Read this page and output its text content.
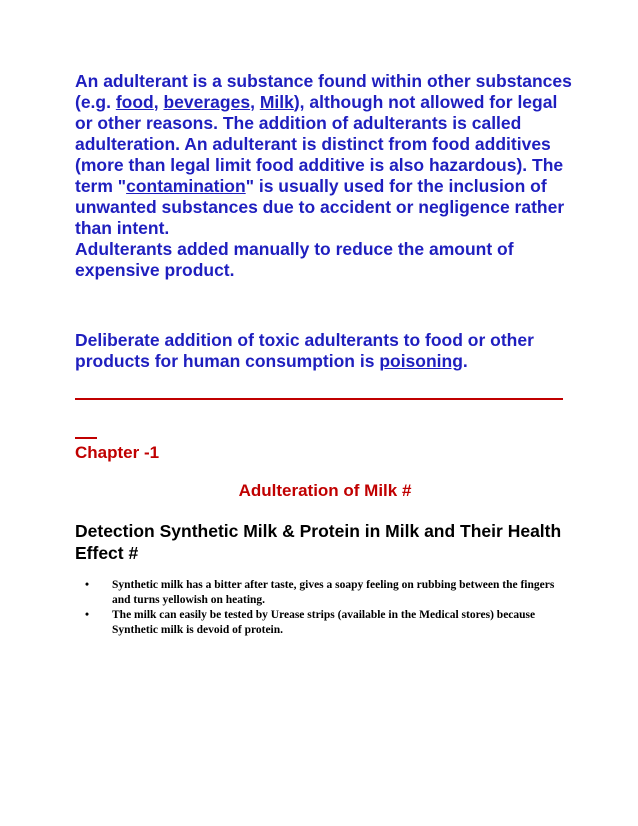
An adulterant is a substance found within other substances (e.g. food, beverages, Milk), although not allowed for legal or other reasons. The addition of adulterants is called adulteration. An adulterant is distinct from food additives (more than legal limit food additive is also hazardous). The term "contamination" is usually used for the inclusion of unwanted substances due to accident or negligence rather than intent.

Adulterants added manually to reduce the amount of expensive product.

Deliberate addition of toxic adulterants to food or other products for human consumption is poisoning.

Chapter -1
Adulteration of Milk #
Detection Synthetic Milk & Protein in Milk and Their Health Effect #
• Synthetic milk has a bitter after taste, gives a soapy feeling on rubbing between the fingers and turns yellowish on heating.
• The milk can easily be tested by Urease strips (available in the Medical stores) because Synthetic milk is devoid of protein.
